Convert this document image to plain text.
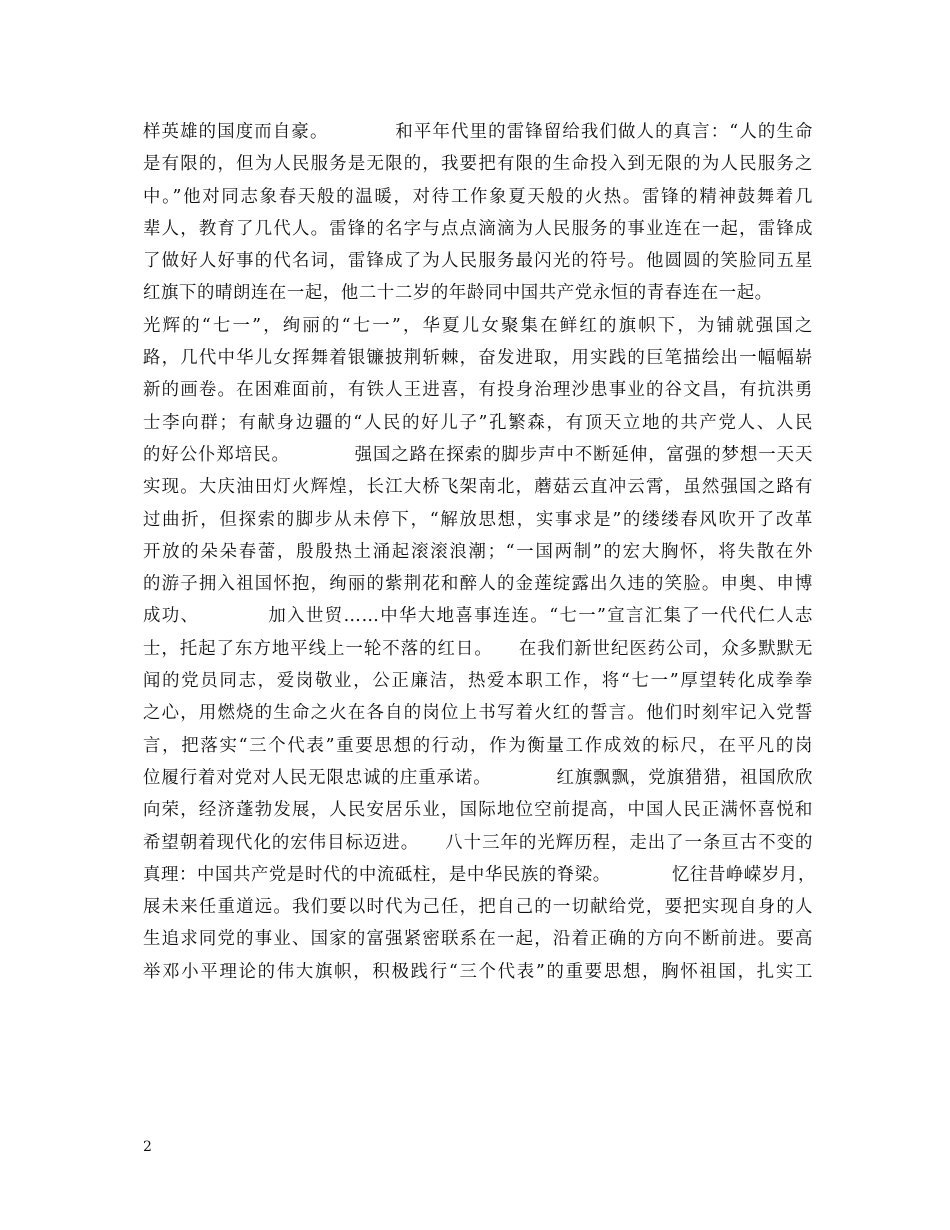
样英雄的国度而自豪。          和平年代里的雷锋留给我们做人的真言：“人的生命
是有限的，但为人民服务是无限的，我要把有限的生命投入到无限的为人民服务之
中。”他对同志象春天般的温暖，对待工作象夏天般的火热。雷锋的精神鼓舞着几
辈人，教育了几代人。雷锋的名字与点点滴滴为人民服务的事业连在一起，雷锋成
了做好人好事的代名词，雷锋成了为人民服务最闪光的符号。他圆圆的笑脸同五星
红旗下的晴朗连在一起，他二十二岁的年龄同中国共产党永恒的青春连在一起。
光辉的“七一”，绚丽的“七一”，华夏儿女聚集在鲜红的旗帜下，为铺就强国之
路，几代中华儿女挥舞着银镰披荆斩棘，奋发进取，用实践的巨笔描绘出一幅幅崭
新的画卷。在困难面前，有铁人王进喜，有投身治理沙患事业的谷文昌，有抗洪勇
士李向群；有献身边疆的“人民的好儿子”孔繁森，有顶天立地的共产党人、人民
的好公仆郑培民。          强国之路在探索的脚步声中不断延伸，富强的梦想一天天
实现。大庆油田灯火辉煌，长江大桥飞架南北，蘑菇云直冲云霄，虽然强国之路有
过曲折，但探索的脚步从未停下，“解放思想，实事求是”的缕缕春风吹开了改革
开放的朵朵春蕾，殷殷热土涌起滚滚浪潮；“一国两制”的宏大胸怀，将失散在外
的游子拥入祖国怀抱，绚丽的紫荆花和醉人的金莲绽露出久违的笑脸。申奥、申博
成功、          加入世贸……中华大地喜事连连。“七一”宣言汇集了一代代仁人志
士，托起了东方地平线上一轮不落的红日。    在我们新世纪医药公司，众多默默无
闻的党员同志，爱岗敬业，公正廉洁，热爱本职工作，将“七一”厚望转化成拳拳
之心，用燃烧的生命之火在各自的岗位上书写着火红的誓言。他们时刻牢记入党誓
言，把落实“三个代表”重要思想的行动，作为衡量工作成效的标尺，在平凡的岗
位履行着对党对人民无限忠诚的庄重承诺。          红旗飘飘，党旗猎猎，祖国欣欣
向荣，经济蓬勃发展，人民安居乐业，国际地位空前提高，中国人民正满怀喜悦和
希望朝着现代化的宏伟目标迈进。    八十三年的光辉历程，走出了一条亘古不变的
真理：中国共产党是时代的中流砥柱，是中华民族的脊梁。          忆往昔峥嵘岁月，
展未来任重道远。我们要以时代为己任，把自己的一切献给党，要把实现自身的人
生追求同党的事业、国家的富强紧密联系在一起，沿着正确的方向不断前进。要高
举邓小平理论的伟大旗帜，积极践行“三个代表”的重要思想，胸怀祖国，扎实工
2
